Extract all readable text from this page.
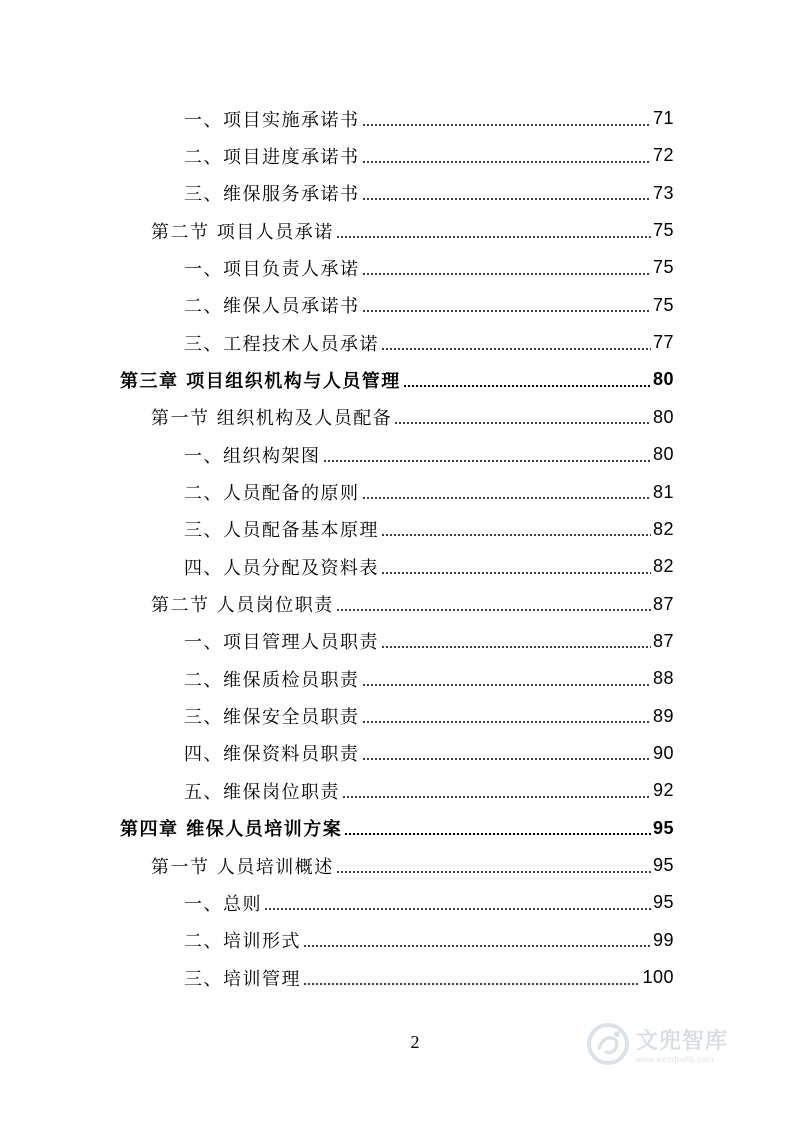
一、项目实施承诺书	71
二、项目进度承诺书	72
三、维保服务承诺书	73
第二节 项目人员承诺	75
一、项目负责人承诺	75
二、维保人员承诺书	75
三、工程技术人员承诺	77
第三章 项目组织机构与人员管理	80
第一节 组织机构及人员配备	80
一、组织构架图	80
二、人员配备的原则	81
三、人员配备基本原理	82
四、人员分配及资料表	82
第二节 人员岗位职责	87
一、项目管理人员职责	87
二、维保质检员职责	88
三、维保安全员职责	89
四、维保资料员职责	90
五、维保岗位职责	92
第四章 维保人员培训方案	95
第一节 人员培训概述	95
一、总则	95
二、培训形式	99
三、培训管理	100
2	文兜智库
www.wendoulib.com
